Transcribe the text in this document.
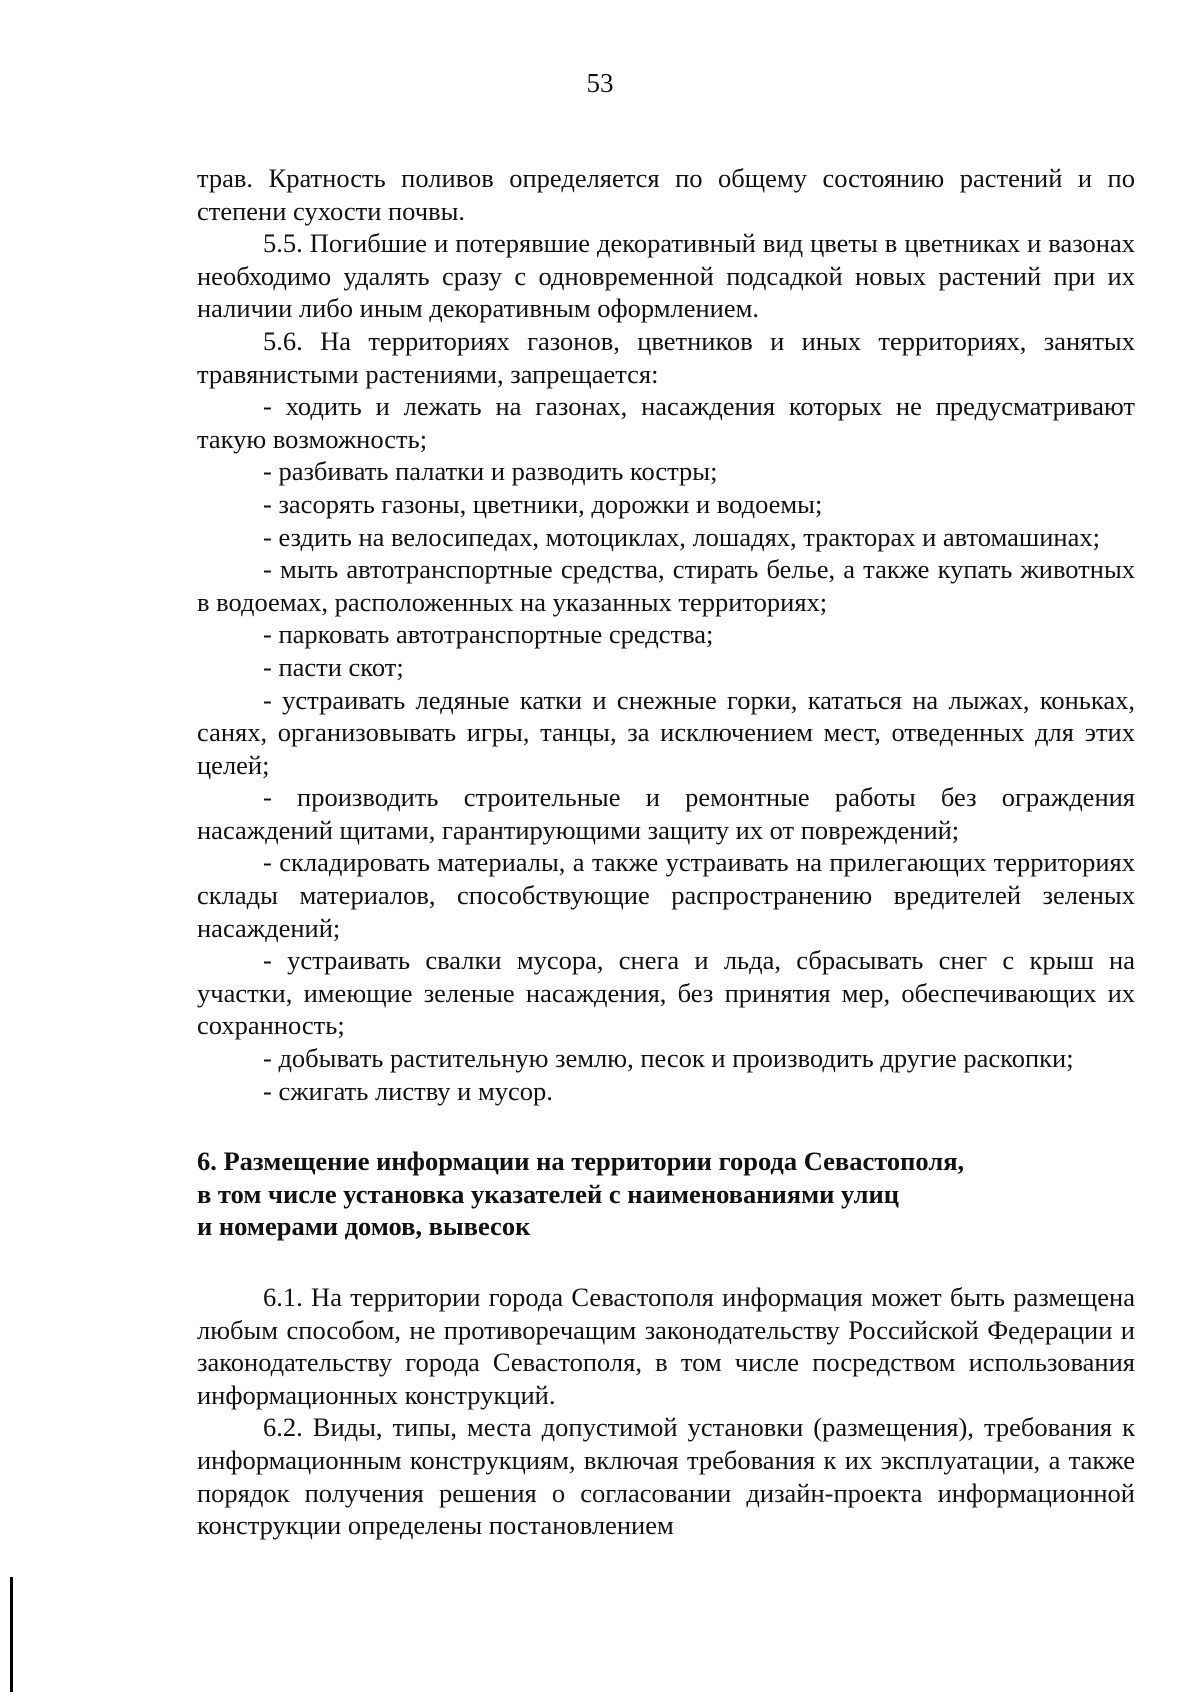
53

трав. Кратность поливов определяется по общему состоянию растений и по степени сухости почвы.

5.5. Погибшие и потерявшие декоративный вид цветы в цветниках и вазонах необходимо удалять сразу с одновременной подсадкой новых растений при их наличии либо иным декоративным оформлением.

5.6. На территориях газонов, цветников и иных территориях, занятых травянистыми растениями, запрещается:

- ходить и лежать на газонах, насаждения которых не предусматривают такую возможность;

- разбивать палатки и разводить костры;

- засорять газоны, цветники, дорожки и водоемы;

- ездить на велосипедах, мотоциклах, лошадях, тракторах и автомашинах;

- мыть автотранспортные средства, стирать белье, а также купать животных в водоемах, расположенных на указанных территориях;

- парковать автотранспортные средства;

- пасти скот;

- устраивать ледяные катки и снежные горки, кататься на лыжах, коньках, санях, организовывать игры, танцы, за исключением мест, отведенных для этих целей;

- производить строительные и ремонтные работы без ограждения насаждений щитами, гарантирующими защиту их от повреждений;

- складировать материалы, а также устраивать на прилегающих территориях склады материалов, способствующие распространению вредителей зеленых насаждений;

- устраивать свалки мусора, снега и льда, сбрасывать снег с крыш на участки, имеющие зеленые насаждения, без принятия мер, обеспечивающих их сохранность;

- добывать растительную землю, песок и производить другие раскопки;

- сжигать листву и мусор.

6. Размещение информации на территории города Севастополя,

в том числе установка указателей с наименованиями улиц

и номерами домов, вывесок

6.1. На территории города Севастополя информация может быть размещена любым способом, не противоречащим законодательству Российской Федерации и законодательству города Севастополя, в том числе посредством использования информационных конструкций.

6.2. Виды, типы, места допустимой установки (размещения), требования к информационным конструкциям, включая требования к их эксплуатации, а также порядок получения решения о согласовании дизайн-проекта информационной конструкции определены постановлением
